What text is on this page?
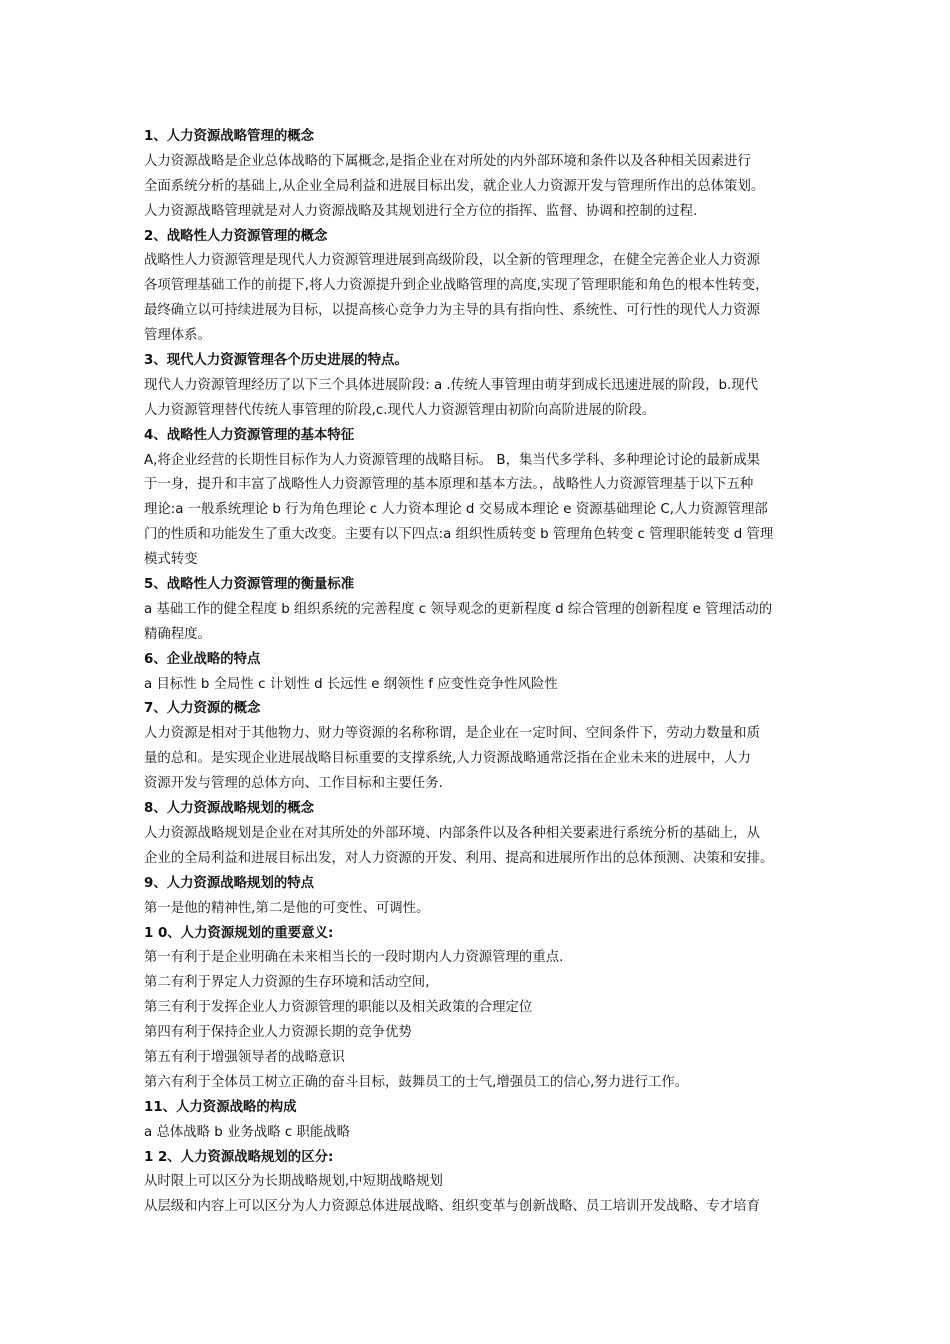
1、人力资源战略管理的概念
人力资源战略是企业总体战略的下属概念,是指企业在对所处的内外部环境和条件以及各种相关因素进行
全面系统分析的基础上,从企业全局利益和进展目标出发，就企业人力资源开发与管理所作出的总体策划。
人力资源战略管理就是对人力资源战略及其规划进行全方位的指挥、监督、协调和控制的过程.
2、战略性人力资源管理的概念
战略性人力资源管理是现代人力资源管理进展到高级阶段，以全新的管理理念，在健全完善企业人力资源
各项管理基础工作的前提下,将人力资源提升到企业战略管理的高度,实现了管理职能和角色的根本性转变，
最终确立以可持续进展为目标，以提高核心竞争力为主导的具有指向性、系统性、可行性的现代人力资源
管理体系。
3、现代人力资源管理各个历史进展的特点。
现代人力资源管理经历了以下三个具体进展阶段: a .传统人事管理由萌芽到成长迅速进展的阶段，b.现代
人力资源管理替代传统人事管理的阶段,c.现代人力资源管理由初阶向高阶进展的阶段。
4、战略性人力资源管理的基本特征
A,将企业经营的长期性目标作为人力资源管理的战略目标。 B，集当代多学科、多种理论讨论的最新成果
于一身，提升和丰富了战略性人力资源管理的基本原理和基本方法。，战略性人力资源管理基于以下五种
理论:a 一般系统理论 b 行为角色理论 c 人力资本理论 d 交易成本理论 e 资源基础理论 C,人力资源管理部
门的性质和功能发生了重大改变。主要有以下四点:a 组织性质转变 b 管理角色转变 c 管理职能转变 d 管理
模式转变
5、战略性人力资源管理的衡量标准
a 基础工作的健全程度 b 组织系统的完善程度 c 领导观念的更新程度 d 综合管理的创新程度 e 管理活动的
精确程度。
6、企业战略的特点
a 目标性 b 全局性 c 计划性 d 长远性 e 纲领性 f 应变性竞争性风险性
7、人力资源的概念
人力资源是相对于其他物力、财力等资源的名称称谓，是企业在一定时间、空间条件下，劳动力数量和质
量的总和。是实现企业进展战略目标重要的支撑系统,人力资源战略通常泛指在企业未来的进展中，人力
资源开发与管理的总体方向、工作目标和主要任务.
8、人力资源战略规划的概念
人力资源战略规划是企业在对其所处的外部环境、内部条件以及各种相关要素进行系统分析的基础上，从
企业的全局利益和进展目标出发，对人力资源的开发、利用、提高和进展所作出的总体预测、决策和安排。
9、人力资源战略规划的特点
第一是他的精神性,第二是他的可变性、可调性。
1 0、人力资源规划的重要意义:
第一有利于是企业明确在未来相当长的一段时期内人力资源管理的重点.
第二有利于界定人力资源的生存环境和活动空间,
第三有利于发挥企业人力资源管理的职能以及相关政策的合理定位
第四有利于保持企业人力资源长期的竞争优势
第五有利于增强领导者的战略意识
第六有利于全体员工树立正确的奋斗目标，鼓舞员工的士气,增强员工的信心,努力进行工作。
11、人力资源战略的构成
a 总体战略 b 业务战略 c 职能战略
1 2、人力资源战略规划的区分:
从时限上可以区分为长期战略规划,中短期战略规划
从层级和内容上可以区分为人力资源总体进展战略、组织变革与创新战略、员工培训开发战略、专才培育
